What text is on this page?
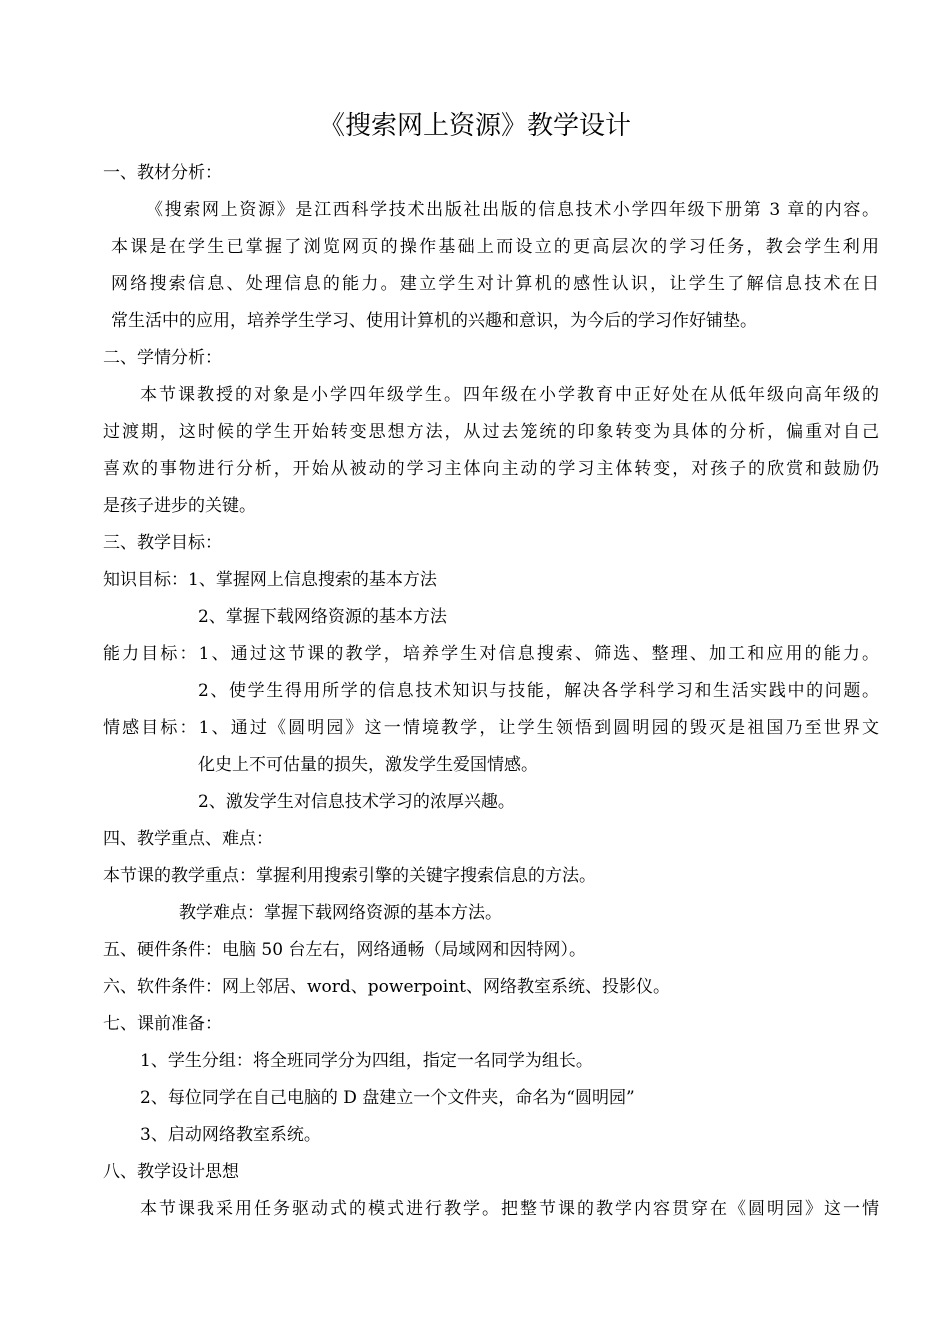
《搜索网上资源》教学设计
一、教材分析：
《搜索网上资源》是江西科学技术出版社出版的信息技术小学四年级下册第 3 章的内容。
本课是在学生已掌握了浏览网页的操作基础上而设立的更高层次的学习任务，教会学生利用
网络搜索信息、处理信息的能力。建立学生对计算机的感性认识，让学生了解信息技术在日
常生活中的应用，培养学生学习、使用计算机的兴趣和意识，为今后的学习作好铺垫。
二、学情分析：
本节课教授的对象是小学四年级学生。四年级在小学教育中正好处在从低年级向高年级的
过渡期，这时候的学生开始转变思想方法，从过去笼统的印象转变为具体的分析，偏重对自己
喜欢的事物进行分析，开始从被动的学习主体向主动的学习主体转变，对孩子的欣赏和鼓励仍
是孩子进步的关键。
三、教学目标：
知识目标：1、掌握网上信息搜索的基本方法
2、掌握下载网络资源的基本方法
能力目标：1、通过这节课的教学，培养学生对信息搜索、筛选、整理、加工和应用的能力。
2、使学生得用所学的信息技术知识与技能，解决各学科学习和生活实践中的问题。
情感目标：1、通过《圆明园》这一情境教学，让学生领悟到圆明园的毁灭是祖国乃至世界文
化史上不可估量的损失，激发学生爱国情感。
2、激发学生对信息技术学习的浓厚兴趣。
四、教学重点、难点：
本节课的教学重点：掌握利用搜索引擎的关键字搜索信息的方法。
教学难点：掌握下载网络资源的基本方法。
五、硬件条件：电脑 50 台左右，网络通畅（局域网和因特网）。
六、软件条件：网上邻居、word、powerpoint、网络教室系统、投影仪。
七、课前准备：
1、学生分组：将全班同学分为四组，指定一名同学为组长。
2、每位同学在自己电脑的 D 盘建立一个文件夹，命名为“圆明园”
3、启动网络教室系统。
八、教学设计思想
本节课我采用任务驱动式的模式进行教学。把整节课的教学内容贯穿在《圆明园》这一情
